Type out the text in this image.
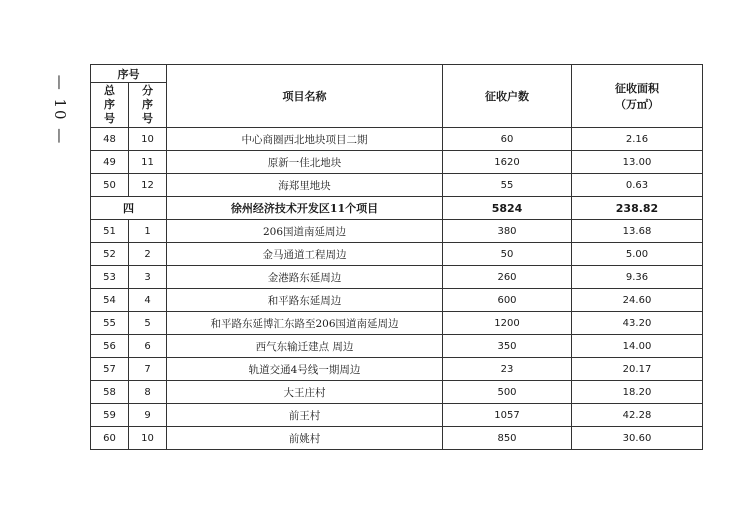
— 10 —
序号		项目名称	征收户数	征收面积
（万㎡）

总序号	分序号			

48	10	中心商圈西北地块项目二期	60	2.16
49	11	原新一佳北地块	1620	13.00
50	12	海郑里地块	55	0.63
四		徐州经济技术开发区11个项目	5824	238.82
51	1	206国道南延周边	380	13.68
52	2	金马通道工程周边	50	5.00
53	3	金港路东延周边	260	9.36
54	4	和平路东延周边	600	24.60
55	5	和平路东延博汇东路至206国道南延周边	1200	43.20
56	6	西气东输迁建点 周边	350	14.00
57	7	轨道交通4号线一期周边	23	20.17
58	8	大王庄村	500	18.20
59	9	前王村	1057	42.28
60	10	前姚村	850	30.60
